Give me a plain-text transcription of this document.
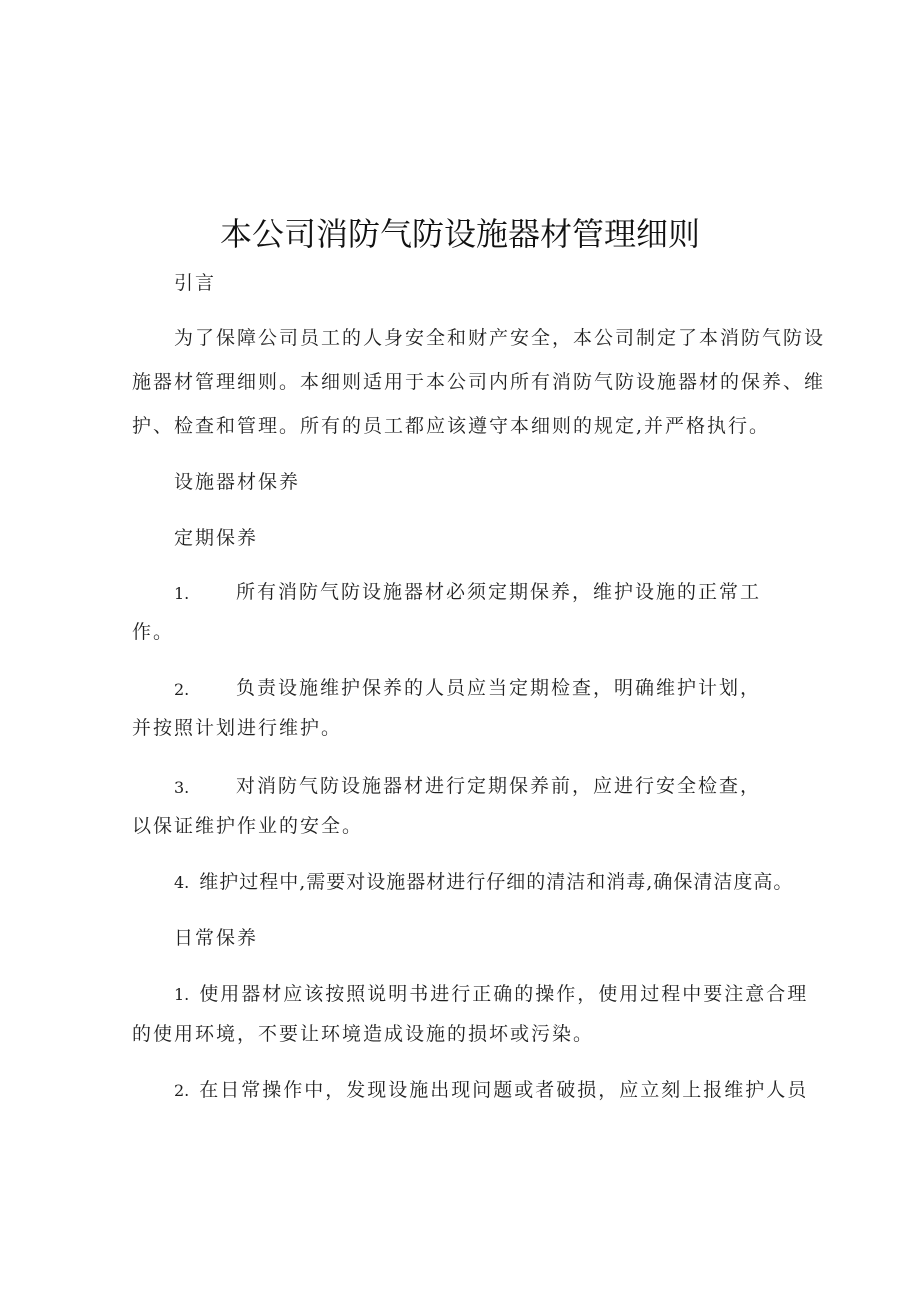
本公司消防气防设施器材管理细则
引言
为了保障公司员工的人身安全和财产安全，本公司制定了本消防气防设
施器材管理细则。本细则适用于本公司内所有消防气防设施器材的保养、维
护、检查和管理。所有的员工都应该遵守本细则的规定,并严格执行。
设施器材保养
定期保养
1. 所有消防气防设施器材必须定期保养，维护设施的正常工
作。
2. 负责设施维护保养的人员应当定期检查，明确维护计划，
并按照计划进行维护。
3. 对消防气防设施器材进行定期保养前，应进行安全检查，
以保证维护作业的安全。
4. 维护过程中,需要对设施器材进行仔细的清洁和消毒,确保清洁度高。
日常保养
1. 使用器材应该按照说明书进行正确的操作，使用过程中要注意合理
的使用环境，不要让环境造成设施的损坏或污染。
2. 在日常操作中，发现设施出现问题或者破损，应立刻上报维护人员
